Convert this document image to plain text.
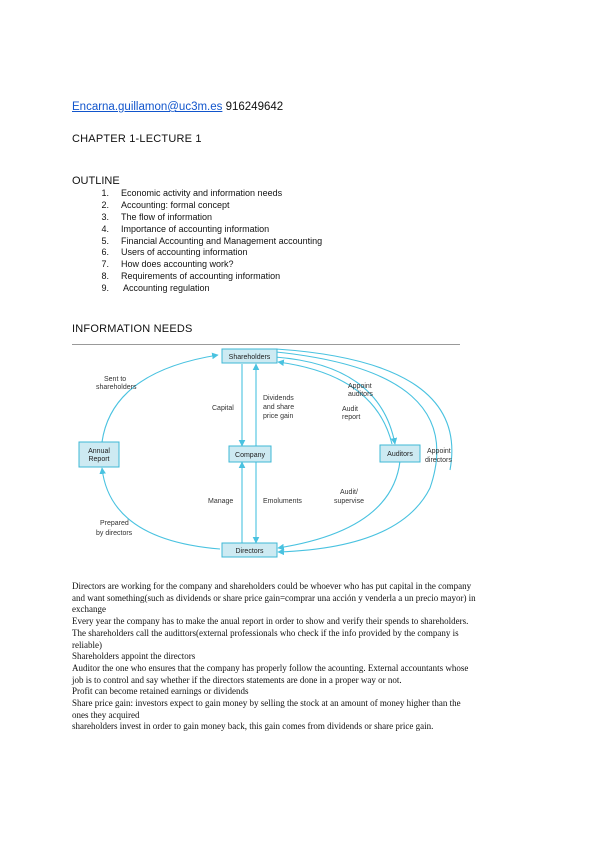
Encarna.guillamon@uc3m.es 916249642
CHAPTER 1-LECTURE 1
OUTLINE
1. Economic activity and information needs
2. Accounting: formal concept
3. The flow of information
4. Importance of accounting information
5. Financial Accounting and Management accounting
6. Users of accounting information
7. How does accounting work?
8. Requirements of accounting information
9. Accounting regulation
INFORMATION NEEDS
Shareholders
Company
Directors
Auditors
Annual
Report
Sent to
shareholders
Capital
Dividends
and share
price gain
Appoint
auditors
Audit
report
Appoint
directors
Manage	Emoluments
Audit/
supervise
Prepared
by directors

Directors are working for the company and shareholders could be whoever who has put capital in the company

and want something(such as dividends or share price gain=comprar una acción y venderla a un precio mayor) in

exchange

Every year the company has to make the anual report in order to show and verify their spends to shareholders.

The shareholders call the audittors(external professionals who check if the info provided by the company is

reliable)

Shareholders appoint the directors

Auditor the one who ensures that the company has properly follow the acounting. External accountants whose

job is to control and say whether if the directors statements are done in a proper way or not.

Profit can become retained earnings or dividends

Share price gain: investors expect to gain money by selling the stock at an amount of money higher than the

ones they acquired

shareholders invest in order to gain money back, this gain comes from dividends or share price gain.
